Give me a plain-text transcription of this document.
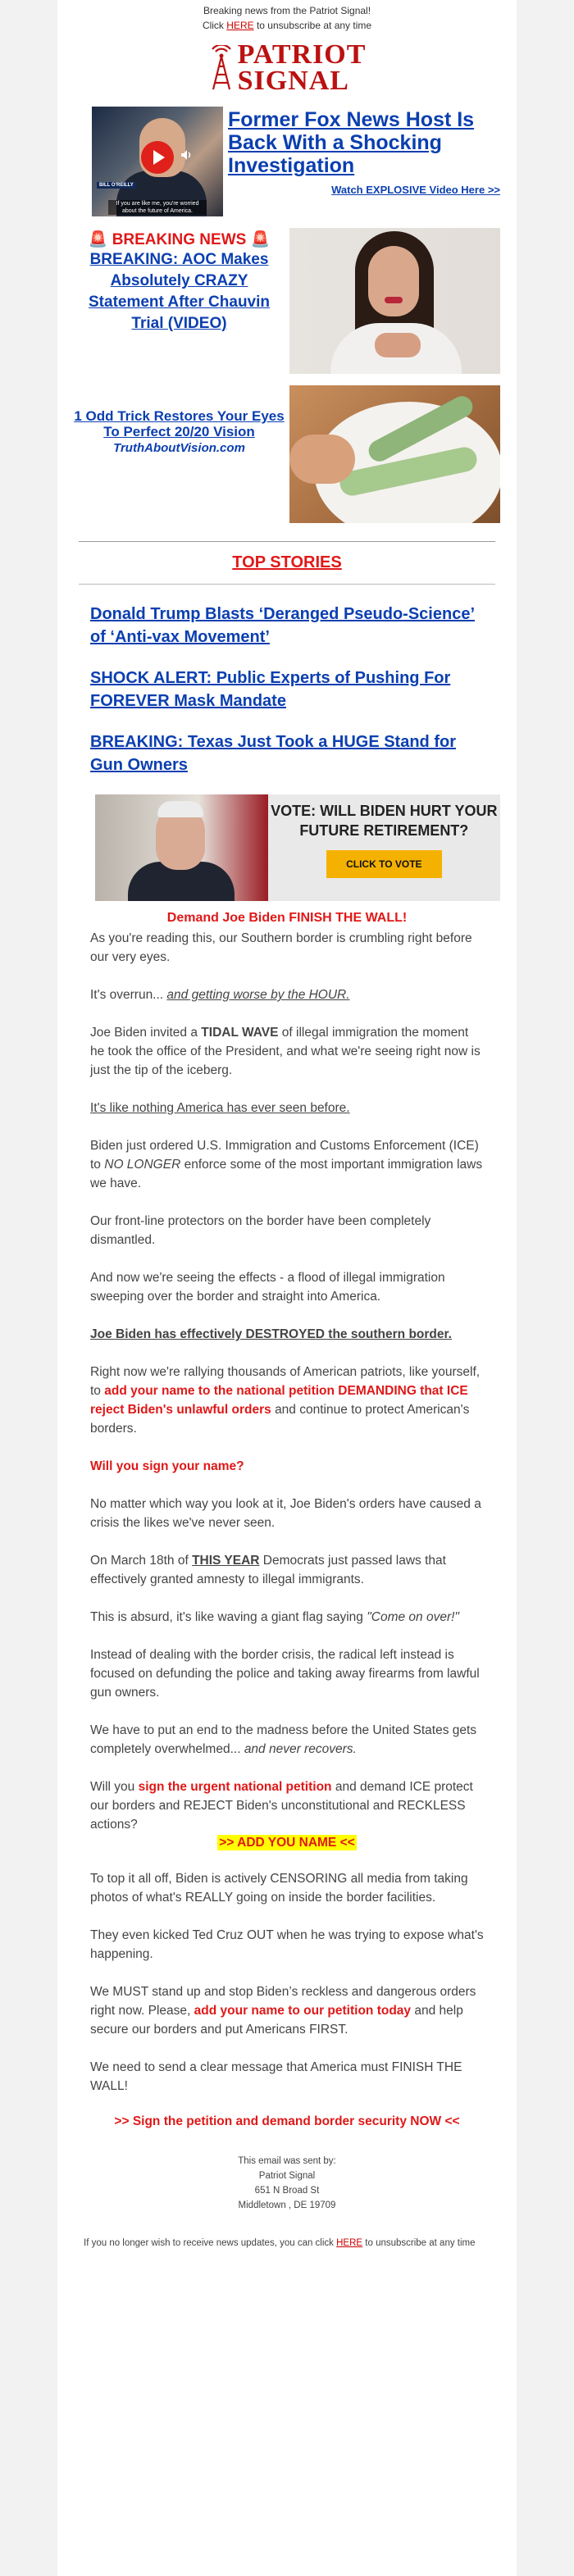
Breaking news from the Patriot Signal!
Click HERE to unsubscribe at any time
PATRIOT
SIGNAL
BILL O'REILLY
If you are like me, you're worried about the future of America.
Former Fox News Host Is Back With a Shocking Investigation
Watch EXPLOSIVE Video Here >>
🚨 BREAKING NEWS 🚨
BREAKING: AOC Makes Absolutely CRAZY Statement After Chauvin Trial (VIDEO)
1 Odd Trick Restores Your Eyes To Perfect 20/20 Vision
TruthAboutVision.com
TOP STORIES
Donald Trump Blasts ‘Deranged Pseudo-Science’ of ‘Anti-vax Movement’
SHOCK ALERT: Public Experts of Pushing For FOREVER Mask Mandate
BREAKING: Texas Just Took a HUGE Stand for Gun Owners
VOTE: WILL BIDEN HURT YOUR FUTURE RETIREMENT?
CLICK TO VOTE
Demand Joe Biden FINISH THE WALL!

As you're reading this, our Southern border is crumbling right before our very eyes.

It's overrun... and getting worse by the HOUR.

Joe Biden invited a TIDAL WAVE of illegal immigration the moment he took the office of the President, and what we're seeing right now is just the tip of the iceberg.

It's like nothing America has ever seen before.

Biden just ordered U.S. Immigration and Customs Enforcement (ICE) to NO LONGER enforce some of the most important immigration laws we have.

Our front-line protectors on the border have been completely dismantled.

And now we're seeing the effects - a flood of illegal immigration sweeping over the border and straight into America.

Joe Biden has effectively DESTROYED the southern border.

Right now we're rallying thousands of American patriots, like yourself, to add your name to the national petition DEMANDING that ICE reject Biden's unlawful orders and continue to protect American's borders.

Will you sign your name?

No matter which way you look at it, Joe Biden's orders have caused a crisis the likes we've never seen.

On March 18th of THIS YEAR Democrats just passed laws that effectively granted amnesty to illegal immigrants.

This is absurd, it's like waving a giant flag saying "Come on over!"

Instead of dealing with the border crisis, the radical left instead is focused on defunding the police and taking away firearms from lawful gun owners.

We have to put an end to the madness before the United States gets completely overwhelmed... and never recovers.

Will you sign the urgent national petition and demand ICE protect our borders and REJECT Biden's unconstitutional and RECKLESS actions?

>> ADD YOU NAME <<

To top it all off, Biden is actively CENSORING all media from taking photos of what's REALLY going on inside the border facilities.

They even kicked Ted Cruz OUT when he was trying to expose what's happening.

We MUST stand up and stop Biden’s reckless and dangerous orders right now. Please, add your name to our petition today and help secure our borders and put Americans FIRST.

We need to send a clear message that America must FINISH THE WALL!

>> Sign the petition and demand border security NOW <<
This email was sent by:
Patriot Signal
651 N Broad St
Middletown , DE 19709
If you no longer wish to receive news updates, you can click HERE to unsubscribe at any time
